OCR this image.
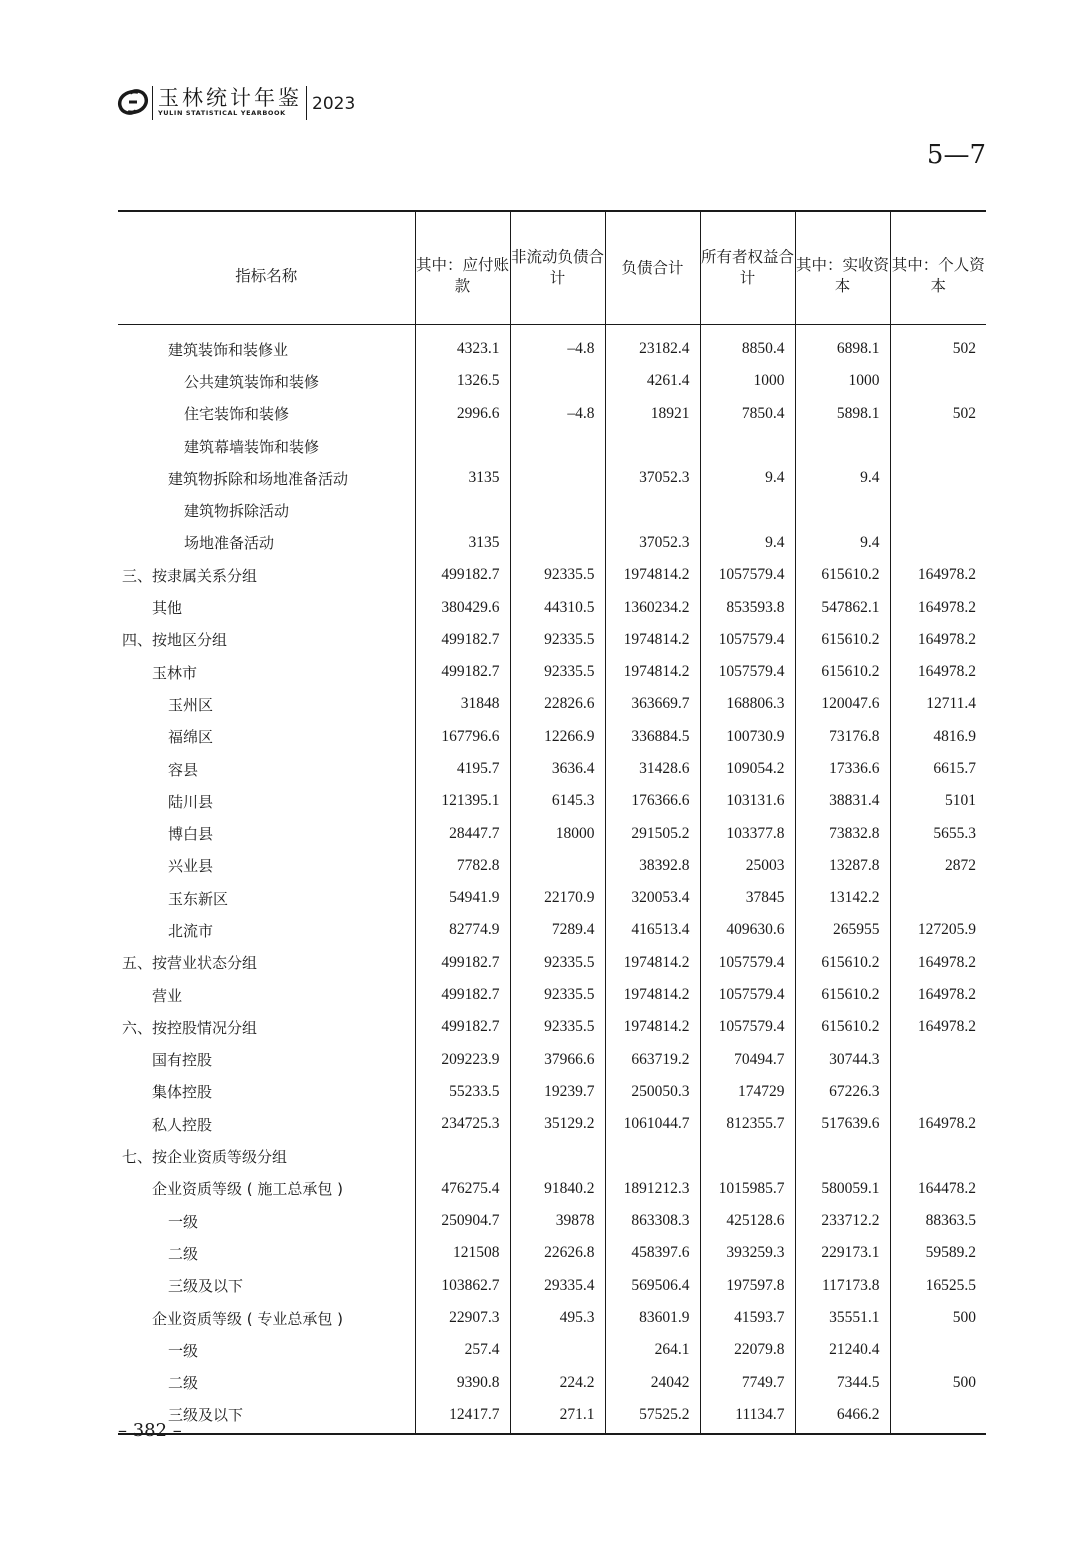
玉林统计年鉴
YULIN STATISTICAL YEARBOOK 2023
5—7
指标名称	其中：应付账款	非流动负债合计	负债合计	所有者权益合计	其中：实收资本	其中：个人资本
建筑装饰和装修业	4323.1	–4.8	23182.4	8850.4	6898.1	502
公共建筑装饰和装修	1326.5		4261.4	1000	1000	
住宅装饰和装修	2996.6	–4.8	18921	7850.4	5898.1	502
建筑幕墙装饰和装修						
建筑物拆除和场地准备活动	3135		37052.3	9.4	9.4	
建筑物拆除活动						
场地准备活动	3135		37052.3	9.4	9.4	
三、按隶属关系分组	499182.7	92335.5	1974814.2	1057579.4	615610.2	164978.2
其他	380429.6	44310.5	1360234.2	853593.8	547862.1	164978.2
四、按地区分组	499182.7	92335.5	1974814.2	1057579.4	615610.2	164978.2
玉林市	499182.7	92335.5	1974814.2	1057579.4	615610.2	164978.2
玉州区	31848	22826.6	363669.7	168806.3	120047.6	12711.4
福绵区	167796.6	12266.9	336884.5	100730.9	73176.8	4816.9
容县	4195.7	3636.4	31428.6	109054.2	17336.6	6615.7
陆川县	121395.1	6145.3	176366.6	103131.6	38831.4	5101
博白县	28447.7	18000	291505.2	103377.8	73832.8	5655.3
兴业县	7782.8		38392.8	25003	13287.8	2872
玉东新区	54941.9	22170.9	320053.4	37845	13142.2	
北流市	82774.9	7289.4	416513.4	409630.6	265955	127205.9
五、按营业状态分组	499182.7	92335.5	1974814.2	1057579.4	615610.2	164978.2
营业	499182.7	92335.5	1974814.2	1057579.4	615610.2	164978.2
六、按控股情况分组	499182.7	92335.5	1974814.2	1057579.4	615610.2	164978.2
国有控股	209223.9	37966.6	663719.2	70494.7	30744.3	
集体控股	55233.5	19239.7	250050.3	174729	67226.3	
私人控股	234725.3	35129.2	1061044.7	812355.7	517639.6	164978.2
七、按企业资质等级分组						
企业资质等级 ( 施工总承包 )	476275.4	91840.2	1891212.3	1015985.7	580059.1	164478.2
一级	250904.7	39878	863308.3	425128.6	233712.2	88363.5
二级	121508	22626.8	458397.6	393259.3	229173.1	59589.2
三级及以下	103862.7	29335.4	569506.4	197597.8	117173.8	16525.5
企业资质等级 ( 专业总承包 )	22907.3	495.3	83601.9	41593.7	35551.1	500
一级	257.4		264.1	22079.8	21240.4	
二级	9390.8	224.2	24042	7749.7	7344.5	500
三级及以下	12417.7	271.1	57525.2	11134.7	6466.2	

– 382 –
